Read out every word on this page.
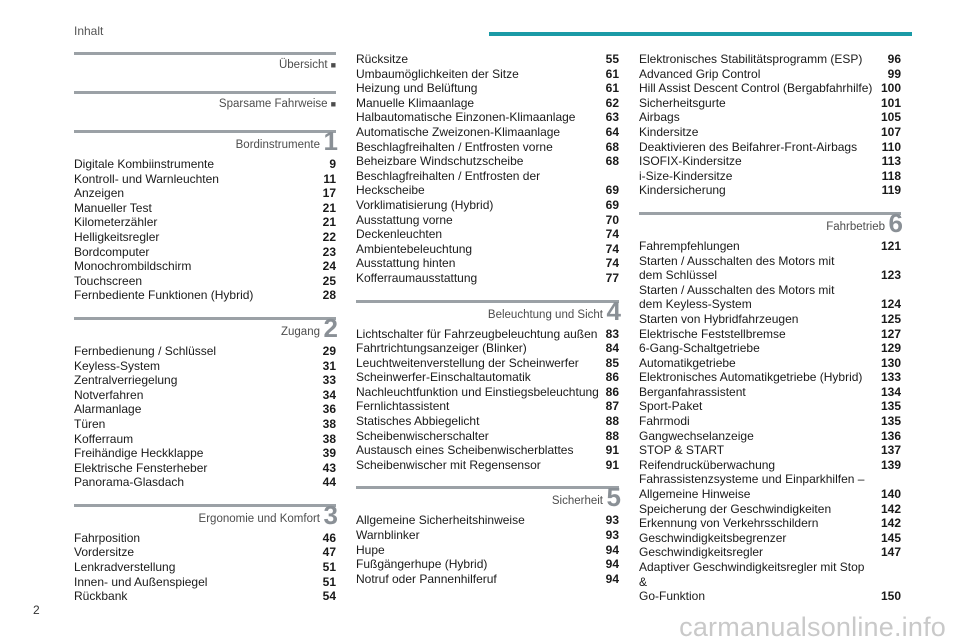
Inhalt
Übersicht ■
Sparsame Fahrweise ■
Bordinstrumente 1
Digitale Kombiinstrumente	9
Kontroll- und Warnleuchten	11
Anzeigen	17
Manueller Test	21
Kilometerzähler	21
Helligkeitsregler	22
Bordcomputer	23
Monochrombildschirm	24
Touchscreen	25
Fernbediente Funktionen (Hybrid)	28
Zugang 2
Fernbedienung / Schlüssel	29
Keyless-System	31
Zentralverriegelung	33
Notverfahren	34
Alarmanlage	36
Türen	38
Kofferraum	38
Freihändige Heckklappe	39
Elektrische Fensterheber	43
Panorama-Glasdach	44
Ergonomie und Komfort 3
Fahrposition	46
Vordersitze	47
Lenkradverstellung	51
Innen- und Außenspiegel	51
Rückbank	54
Rücksitze	55
Umbaumöglichkeiten der Sitze	61
Heizung und Belüftung	61
Manuelle Klimaanlage	62
Halbautomatische Einzonen-Klimaanlage	63
Automatische Zweizonen-Klimaanlage	64
Beschlagfreihalten / Entfrosten vorne	68
Beheizbare Windschutzscheibe	68
Beschlagfreihalten / Entfrosten der
Heckscheibe	69
Vorklimatisierung (Hybrid)	69
Ausstattung vorne	70
Deckenleuchten	74
Ambientebeleuchtung	74
Ausstattung hinten	74
Kofferraumausstattung	77
Beleuchtung und Sicht 4
Lichtschalter für Fahrzeugbeleuchtung außen 83
Fahrtrichtungsanzeiger (Blinker)	84
Leuchtweitenverstellung der Scheinwerfer 85
Scheinwerfer-Einschaltautomatik	86
Nachleuchtfunktion und Einstiegsbeleuchtung 86
Fernlichtassistent	87
Statisches Abbiegelicht	88
Scheibenwischerschalter	88
Austausch eines Scheibenwischerblattes	91
Scheibenwischer mit Regensensor	91
Sicherheit 5
Allgemeine Sicherheitshinweise	93
Warnblinker	93
Hupe	94
Fußgängerhupe (Hybrid)	94
Notruf oder Pannenhilferuf	94
Elektronisches Stabilitätsprogramm (ESP) 96
Advanced Grip Control	99
Hill Assist Descent Control (Bergabfahrhilfe) 100
Sicherheitsgurte	101
Airbags	105
Kindersitze	107
Deaktivieren des Beifahrer-Front-Airbags 110
ISOFIX-Kindersitze	113
i-Size-Kindersitze	118
Kindersicherung	119
Fahrbetrieb 6
Fahrempfehlungen	121
Starten / Ausschalten des Motors mit
dem Schlüssel	123
Starten / Ausschalten des Motors mit
dem Keyless-System	124
Starten von Hybridfahrzeugen	125
Elektrische Feststellbremse	127
6-Gang-Schaltgetriebe	129
Automatikgetriebe	130
Elektronisches Automatikgetriebe (Hybrid) 133
Berganfahrassistent	134
Sport-Paket	135
Fahrmodi	135
Gangwechselanzeige	136
STOP & START	137
Reifendrucküberwachung	139
Fahrassistenzsysteme und Einparkhilfen –
Allgemeine Hinweise	140
Speicherung der Geschwindigkeiten	142
Erkennung von Verkehrsschildern	142
Geschwindigkeitsbegrenzer	145
Geschwindigkeitsregler	147
Adaptiver Geschwindigkeitsregler mit Stop &
Go-Funktion	150
2
carmanualsonline.info
